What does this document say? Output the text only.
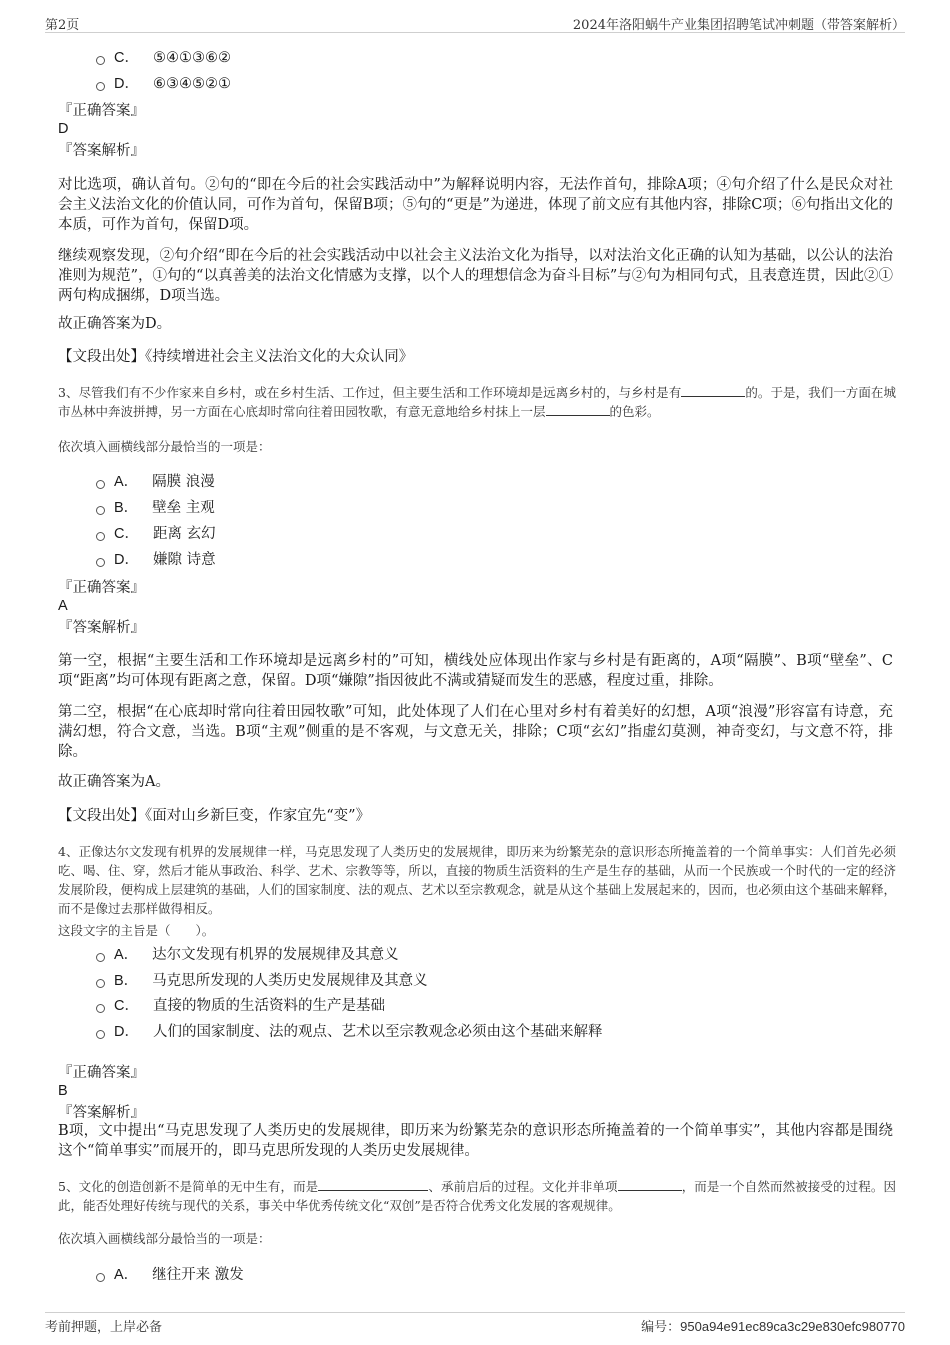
第2页	2024年洛阳蜗牛产业集团招聘笔试冲刺题（带答案解析）
C． ⑤④①③⑥②
D． ⑥③④⑤②①
『正确答案』
D
『答案解析』
对比选项，确认首句。②句的“即在今后的社会实践活动中”为解释说明内容，无法作首句，排除A项；④句介绍了什么是民众对社会主义法治文化的价值认同，可作为首句，保留B项；⑤句的“更是”为递进，体现了前文应有其他内容，排除C项；⑥句指出文化的本质，可作为首句，保留D项。
继续观察发现，②句介绍“即在今后的社会实践活动中以社会主义法治文化为指导，以对法治文化正确的认知为基础，以公认的法治准则为规范”，①句的“以真善美的法治文化情感为支撑，以个人的理想信念为奋斗目标”与②句为相同句式，且表意连贯，因此②①两句构成捆绑，D项当选。
故正确答案为D。
【文段出处】《持续增进社会主义法治文化的大众认同》
3、尽管我们有不少作家来自乡村，或在乡村生活、工作过，但主要生活和工作环境却是远离乡村的，与乡村是有	的。于是，我们一方面在城市丛林中奔波拼搏，另一方面在心底却时常向往着田园牧歌，有意无意地给乡村抹上一层	的色彩。
依次填入画横线部分最恰当的一项是：
A． 隔膜 浪漫
B． 壁垒 主观
C． 距离 玄幻
D． 嫌隙 诗意
『正确答案』
A
『答案解析』
第一空，根据“主要生活和工作环境却是远离乡村的”可知，横线处应体现出作家与乡村是有距离的，A项“隔膜”、B项“壁垒”、C项“距离”均可体现有距离之意，保留。D项“嫌隙”指因彼此不满或猜疑而发生的恶感，程度过重，排除。
第二空，根据“在心底却时常向往着田园牧歌”可知，此处体现了人们在心里对乡村有着美好的幻想，A项“浪漫”形容富有诗意，充满幻想，符合文意，当选。B项“主观”侧重的是不客观，与文意无关，排除；C项“玄幻”指虚幻莫测，神奇变幻，与文意不符，排除。
故正确答案为A。
【文段出处】《面对山乡新巨变，作家宜先“变”》
4、正像达尔文发现有机界的发展规律一样，马克思发现了人类历史的发展规律，即历来为纷繁芜杂的意识形态所掩盖着的一个简单事实：人们首先必须吃、喝、住、穿，然后才能从事政治、科学、艺术、宗教等等，所以，直接的物质生活资料的生产是生存的基础，从而一个民族或一个时代的一定的经济发展阶段，便构成上层建筑的基础，人们的国家制度、法的观点、艺术以至宗教观念，就是从这个基础上发展起来的，因而，也必须由这个基础来解释，而不是像过去那样做得相反。
这段文字的主旨是（　　）。
A． 达尔文发现有机界的发展规律及其意义
B． 马克思所发现的人类历史发展规律及其意义
C． 直接的物质的生活资料的生产是基础
D． 人们的国家制度、法的观点、艺术以至宗教观念必须由这个基础来解释
『正确答案』
B
『答案解析』
B项，文中提出“马克思发现了人类历史的发展规律，即历来为纷繁芜杂的意识形态所掩盖着的一个简单事实”，其他内容都是围绕这个“简单事实”而展开的，即马克思所发现的人类历史发展规律。
5、文化的创造创新不是简单的无中生有，而是	、承前启后的过程。文化并非单项	，而是一个自然而然被接受的过程。因此，能否处理好传统与现代的关系，事关中华优秀传统文化“双创”是否符合优秀文化发展的客观规律。
依次填入画横线部分最恰当的一项是：
A． 继往开来 激发
考前押题，上岸必备	编号：950a94e91ec89ca3c29e830efc980770
